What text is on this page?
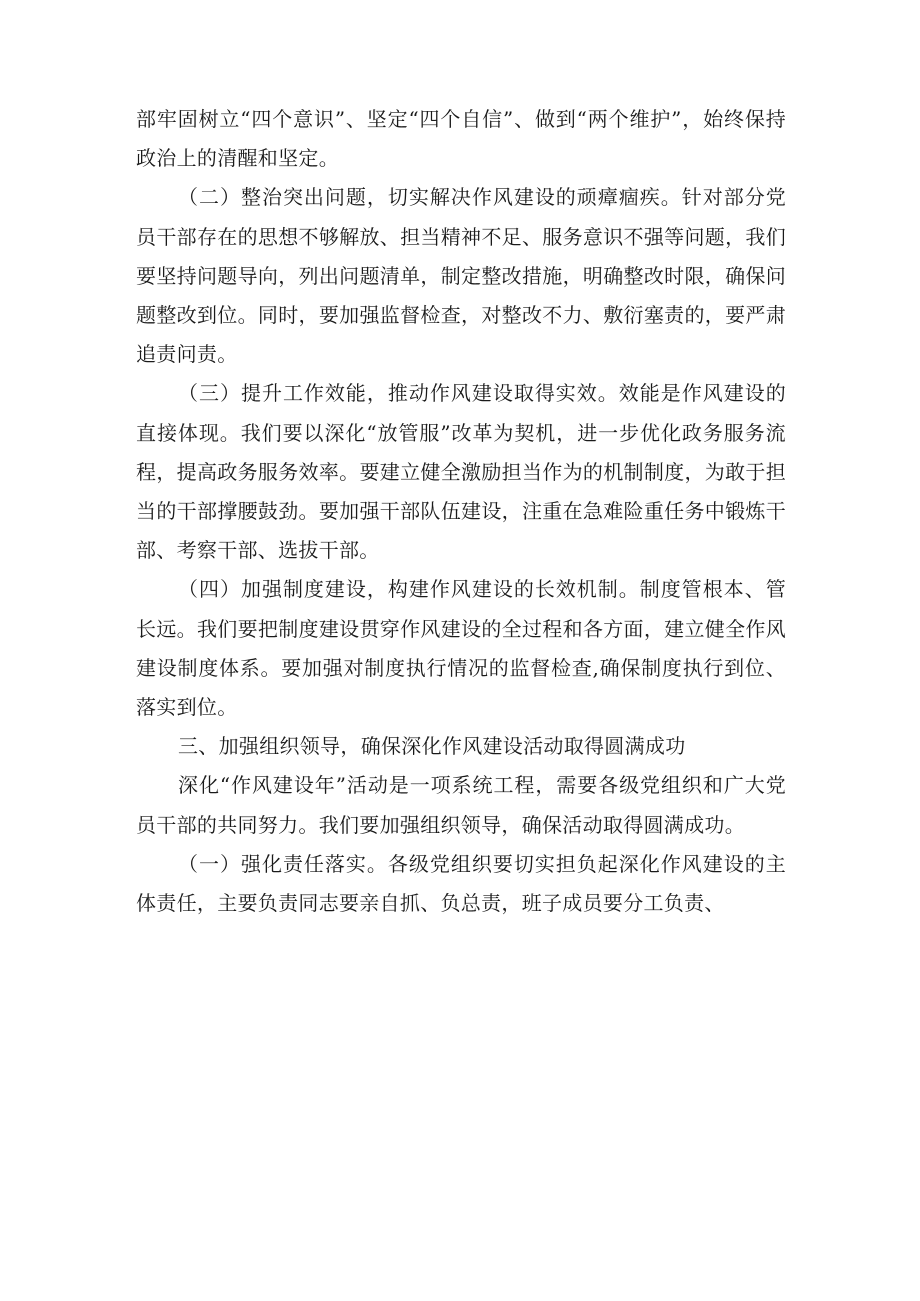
部牢固树立“四个意识”、坚定“四个自信”、做到“两个维护”，始终保持政治上的清醒和坚定。

（二）整治突出问题，切实解决作风建设的顽瘴痼疾。针对部分党员干部存在的思想不够解放、担当精神不足、服务意识不强等问题，我们要坚持问题导向，列出问题清单，制定整改措施，明确整改时限，确保问题整改到位。同时，要加强监督检查，对整改不力、敷衍塞责的，要严肃追责问责。

（三）提升工作效能，推动作风建设取得实效。效能是作风建设的直接体现。我们要以深化“放管服”改革为契机，进一步优化政务服务流程，提高政务服务效率。要建立健全激励担当作为的机制制度，为敢于担当的干部撑腰鼓劲。要加强干部队伍建设，注重在急难险重任务中锻炼干部、考察干部、选拔干部。

（四）加强制度建设，构建作风建设的长效机制。制度管根本、管长远。我们要把制度建设贯穿作风建设的全过程和各方面，建立健全作风建设制度体系。要加强对制度执行情况的监督检查,确保制度执行到位、落实到位。

三、加强组织领导，确保深化作风建设活动取得圆满成功

深化“作风建设年”活动是一项系统工程，需要各级党组织和广大党员干部的共同努力。我们要加强组织领导，确保活动取得圆满成功。

（一）强化责任落实。各级党组织要切实担负起深化作风建设的主体责任，主要负责同志要亲自抓、负总责，班子成员要分工负责、
